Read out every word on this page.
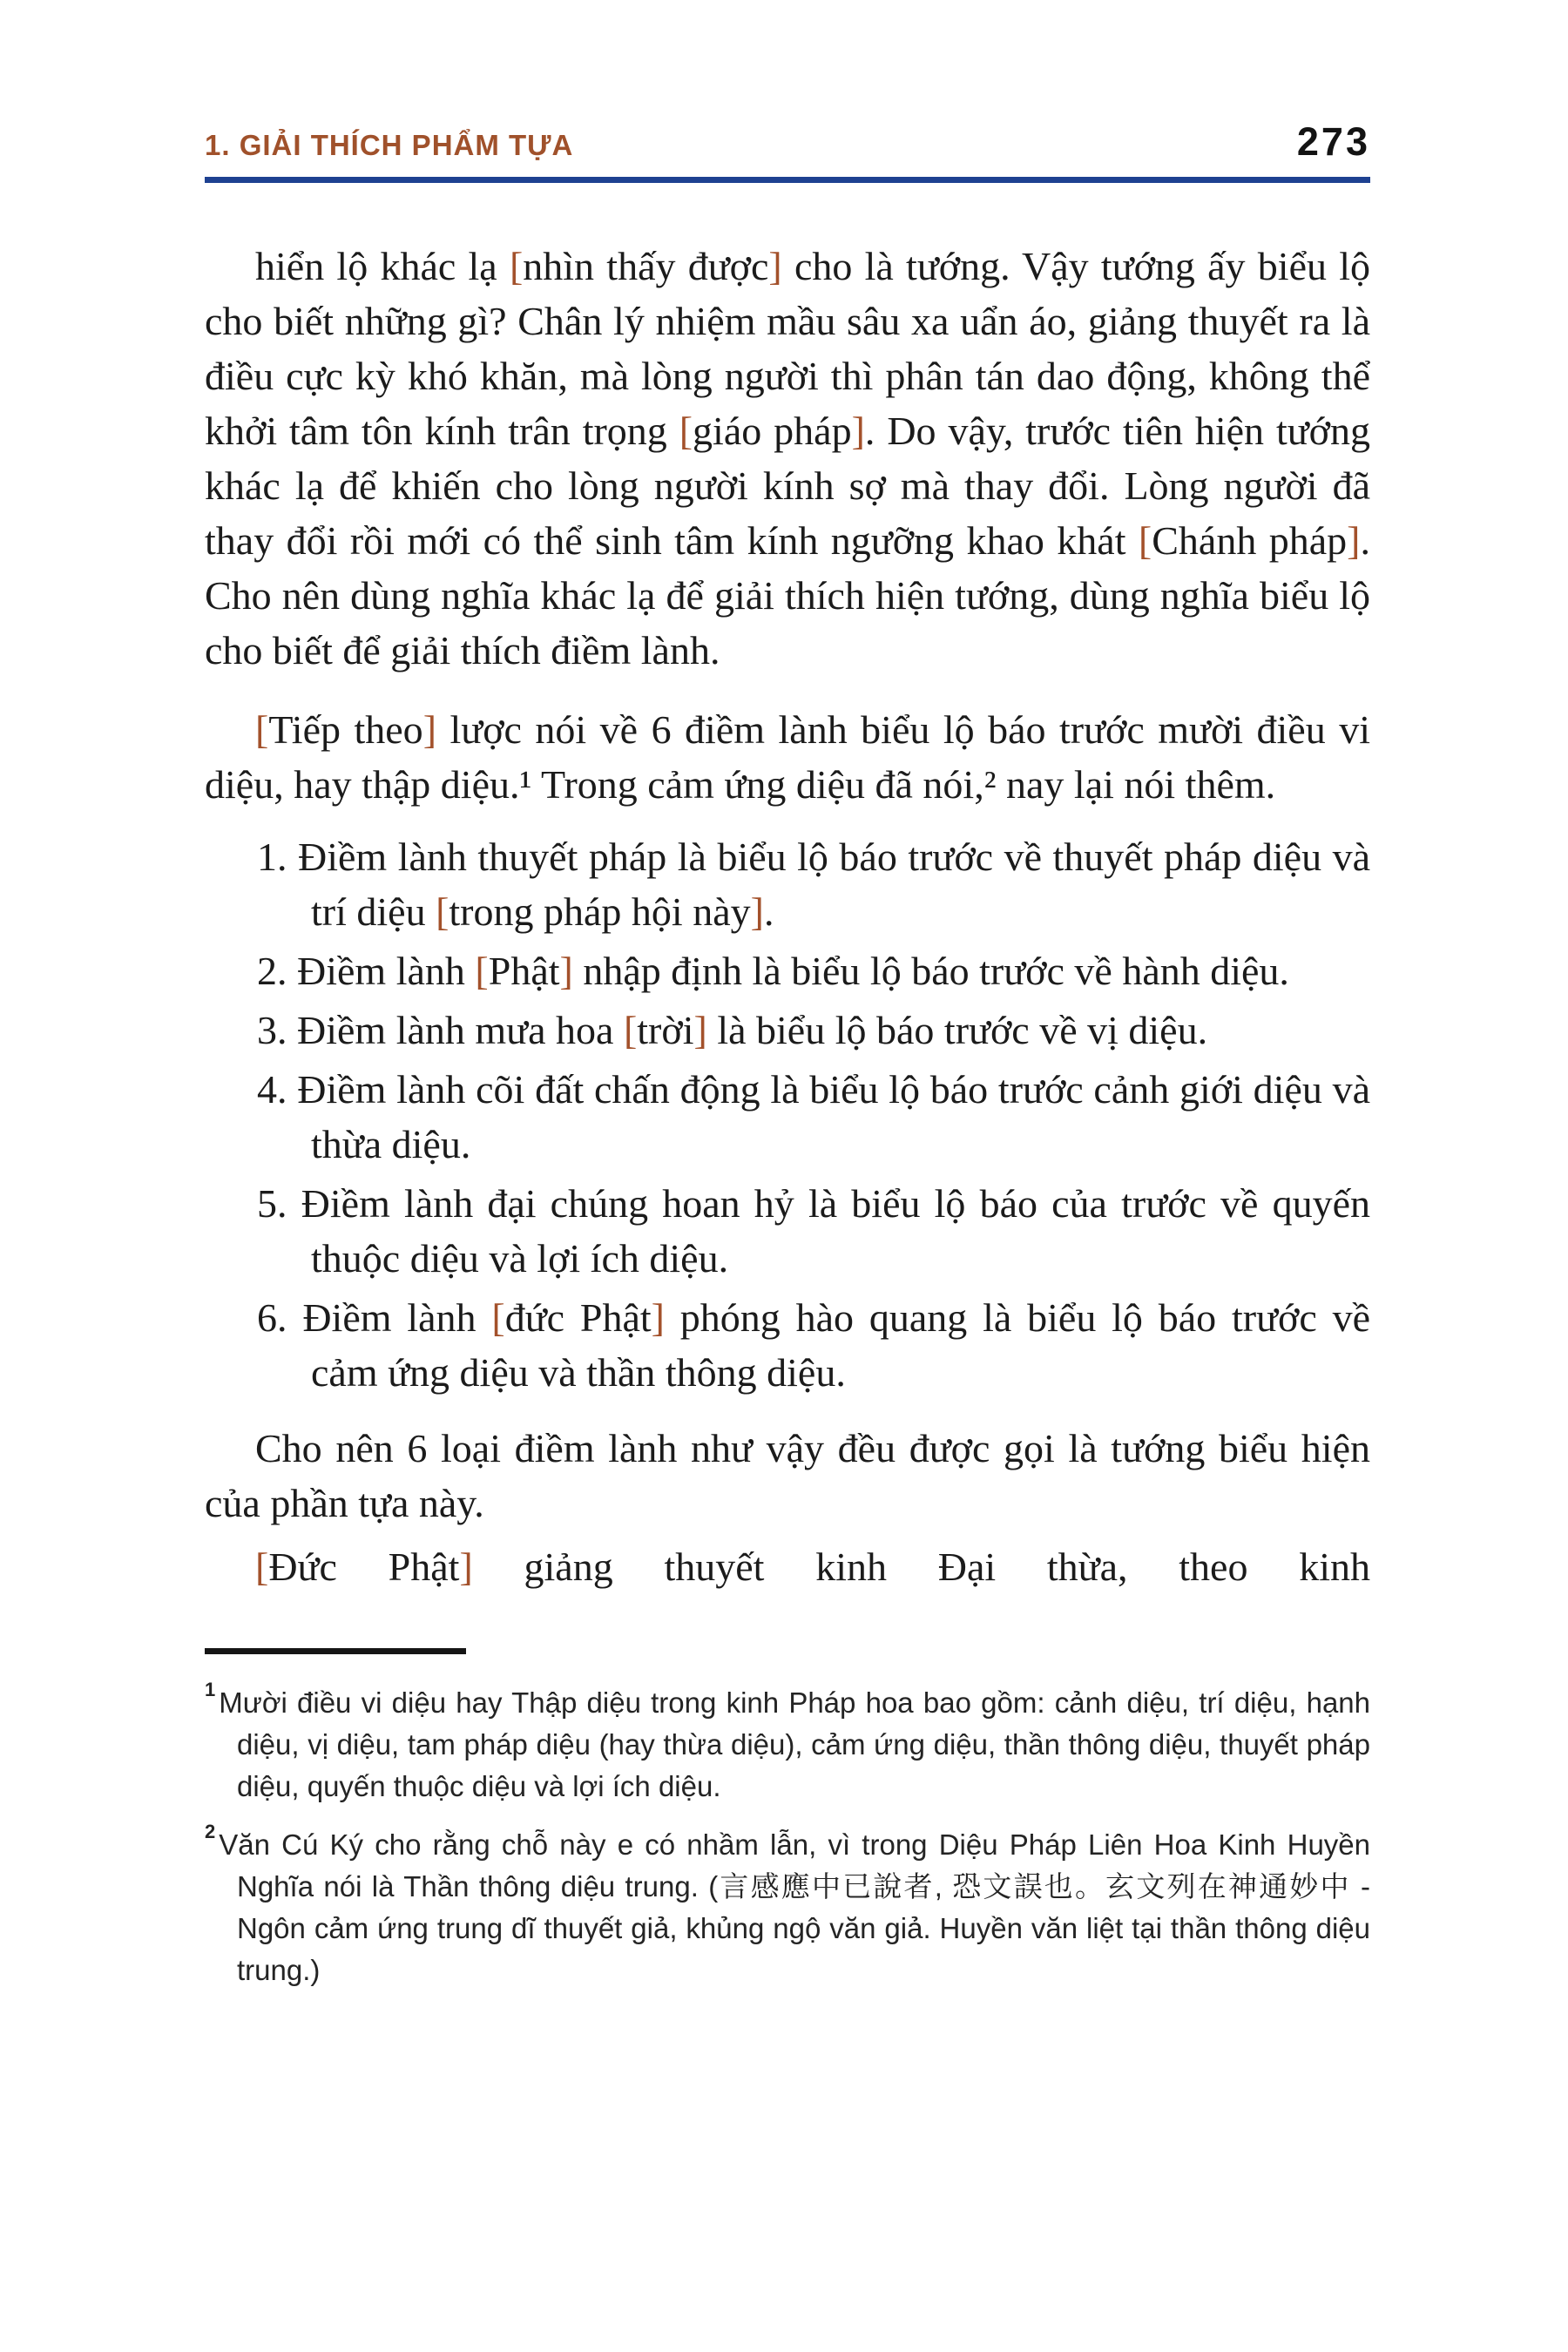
1. GIẢI THÍCH PHẨM TỰA	273

hiển lộ khác lạ [nhìn thấy được] cho là tướng. Vậy tướng ấy biểu lộ cho biết những gì? Chân lý nhiệm mầu sâu xa uẩn áo, giảng thuyết ra là điều cực kỳ khó khăn, mà lòng người thì phân tán dao động, không thể khởi tâm tôn kính trân trọng [giáo pháp]. Do vậy, trước tiên hiện tướng khác lạ để khiến cho lòng người kính sợ mà thay đổi. Lòng người đã thay đổi rồi mới có thể sinh tâm kính ngưỡng khao khát [Chánh pháp]. Cho nên dùng nghĩa khác lạ để giải thích hiện tướng, dùng nghĩa biểu lộ cho biết để giải thích điềm lành.

[Tiếp theo] lược nói về 6 điềm lành biểu lộ báo trước mười điều vi diệu, hay thập diệu.¹ Trong cảm ứng diệu đã nói,² nay lại nói thêm.

1. Điềm lành thuyết pháp là biểu lộ báo trước về thuyết pháp diệu và trí diệu [trong pháp hội này].
2. Điềm lành [Phật] nhập định là biểu lộ báo trước về hành diệu.
3. Điềm lành mưa hoa [trời] là biểu lộ báo trước về vị diệu.
4. Điềm lành cõi đất chấn động là biểu lộ báo trước cảnh giới diệu và thừa diệu.
5. Điềm lành đại chúng hoan hỷ là biểu lộ báo của trước về quyến thuộc diệu và lợi ích diệu.
6. Điềm lành [đức Phật] phóng hào quang là biểu lộ báo trước về cảm ứng diệu và thần thông diệu.

Cho nên 6 loại điềm lành như vậy đều được gọi là tướng biểu hiện của phần tựa này.

[Đức Phật] giảng thuyết kinh Đại thừa, theo kinh

$^1$ Mười điều vi diệu hay Thập diệu trong kinh Pháp hoa bao gồm: cảnh diệu, trí diệu, hạnh diệu, vị diệu, tam pháp diệu (hay thừa diệu), cảm ứng diệu, thần thông diệu, thuyết pháp diệu, quyến thuộc diệu và lợi ích diệu.
$^2$ Văn Cú Ký cho rằng chỗ này e có nhầm lẫn, vì trong Diệu Pháp Liên Hoa Kinh Huyền Nghĩa nói là Thần thông diệu trung. (言感應中已說者, 恐文誤也。玄文列在神通妙中 - Ngôn cảm ứng trung dĩ thuyết giả, khủng ngộ văn giả. Huyền văn liệt tại thần thông diệu trung.)
